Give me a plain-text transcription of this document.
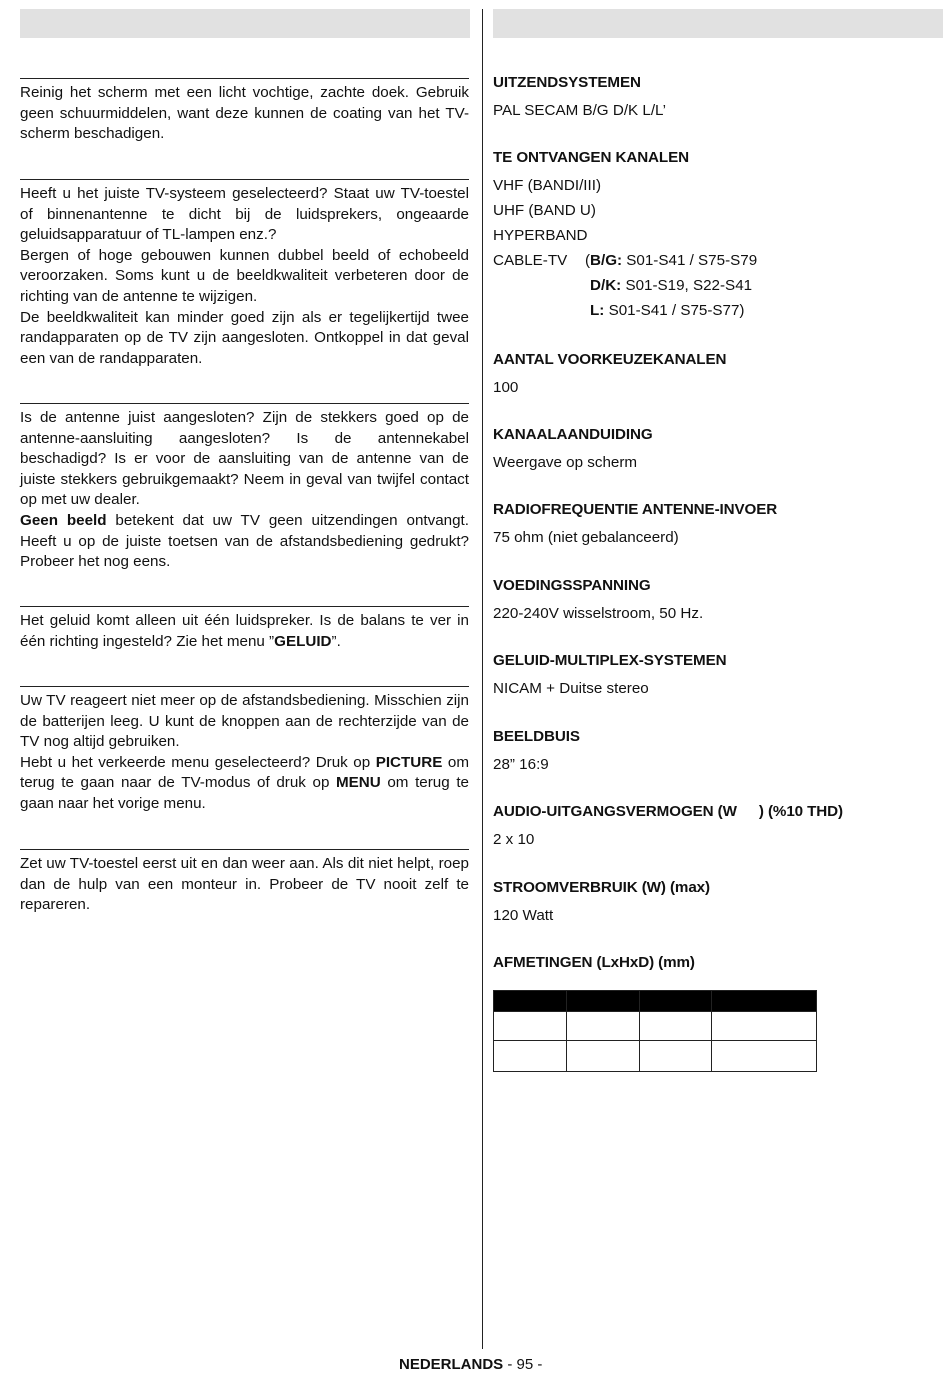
Reinig het scherm met een licht vochtige, zachte doek. Gebruik geen schuurmiddelen, want deze kunnen de coating van het TV-scherm beschadigen.

Heeft u het juiste TV-systeem geselecteerd? Staat uw TV-toestel of binnenantenne te dicht bij de luidsprekers, ongeaarde geluidsapparatuur of TL-lampen enz.?

Bergen of hoge gebouwen kunnen dubbel beeld of echobeeld veroorzaken. Soms kunt u de beeldkwaliteit verbeteren door de richting van de antenne te wijzigen.

De beeldkwaliteit kan minder goed zijn als er tegelijkertijd twee randapparaten op de TV zijn aangesloten. Ontkoppel in dat geval een van de randapparaten.

Is de antenne juist aangesloten? Zijn de stekkers goed op de antenne-aansluiting aangesloten? Is de antennekabel beschadigd? Is er voor de aansluiting van de antenne van de juiste stekkers gebruikgemaakt? Neem in geval van twijfel contact op met uw dealer.

Geen beeld betekent dat uw TV geen uitzendingen ontvangt. Heeft u op de juiste toetsen van de afstandsbediening gedrukt? Probeer het nog eens.

Het geluid komt alleen uit één luidspreker. Is de balans te ver in één richting ingesteld? Zie het menu ”GELUID”.

Uw TV reageert niet meer op de afstandsbediening. Misschien zijn de batterijen leeg. U kunt de knoppen aan de rechterzijde van de TV nog altijd gebruiken.

Hebt u het verkeerde menu geselecteerd? Druk op PICTURE om terug te gaan naar de TV-modus of druk op MENU om terug te gaan naar het vorige menu.

Zet uw TV-toestel eerst uit en dan weer aan. Als dit niet helpt, roep dan de hulp van een monteur in. Probeer de TV nooit zelf te repareren.

UITZENDSYSTEMEN
PAL SECAM B/G D/K L/L’
TE ONTVANGEN KANALEN
VHF (BANDI/III)
UHF (BAND U)
HYPERBAND
CABLE-TV ( B/G: S01-S41 / S75-S79
D/K: S01-S19, S22-S41
L: S01-S41 / S75-S77)
AANTAL VOORKEUZEKANALEN
100
KANAALAANDUIDING
Weergave op scherm
RADIOFREQUENTIE ANTENNE-INVOER
75 ohm (niet gebalanceerd)
VOEDINGSSPANNING
220-240V wisselstroom, 50 Hz.
GELUID-MULTIPLEX-SYSTEMEN
NICAM + Duitse stereo
BEELDBUIS
28” 16:9
AUDIO-UITGANGSVERMOGEN (W ) (%10 THD)
2 x 10
STROOMVERBRUIK (W) (max)
120 Watt
AFMETINGEN (LxHxD) (mm)

NEDERLANDS - 95 -
